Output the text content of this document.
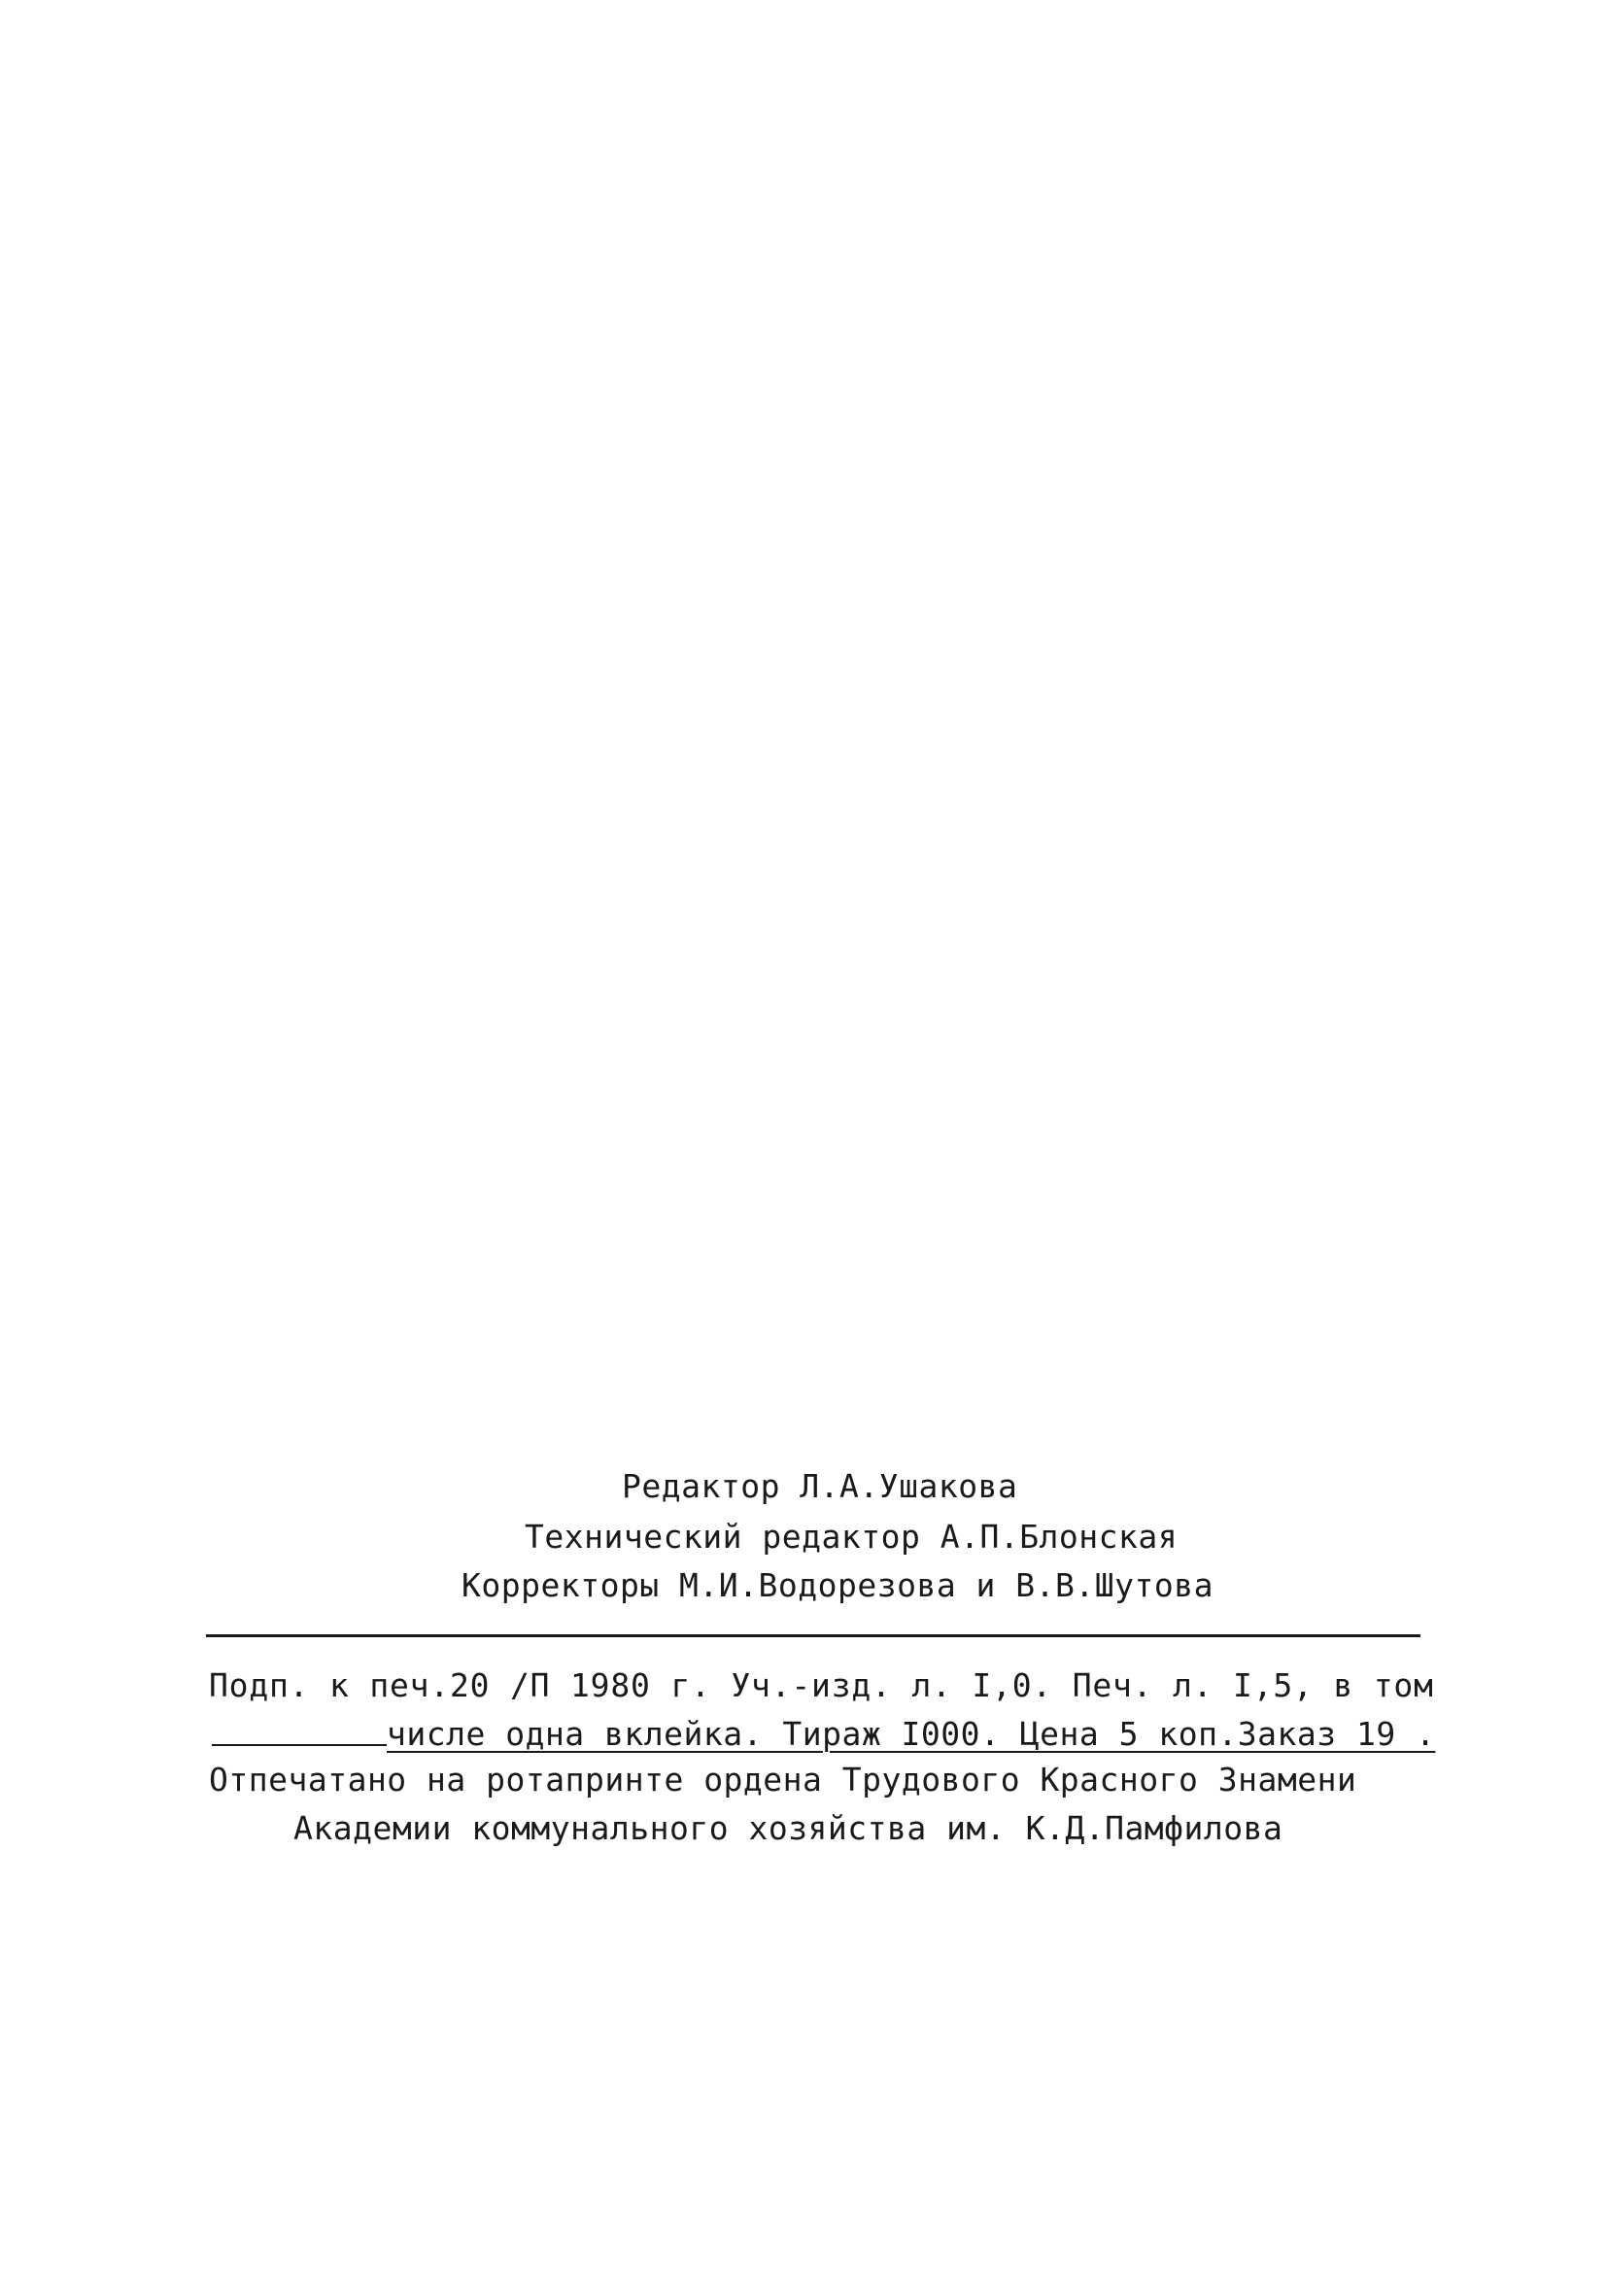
Редактор Л.А.Ушакова
Технический редактор А.П.Блонская
Корректоры М.И.Водорезова и В.В.Шутова
Подп. к печ.20 /П 1980 г. Уч.-изд. л. I,0. Печ. л. I,5, в том
числе одна вклейка. Тираж I000. Цена 5 коп.Заказ 19 .
Отпечатано на ротапринте ордена Трудового Красного Знамени
Академии коммунального хозяйства им. К.Д.Памфилова
